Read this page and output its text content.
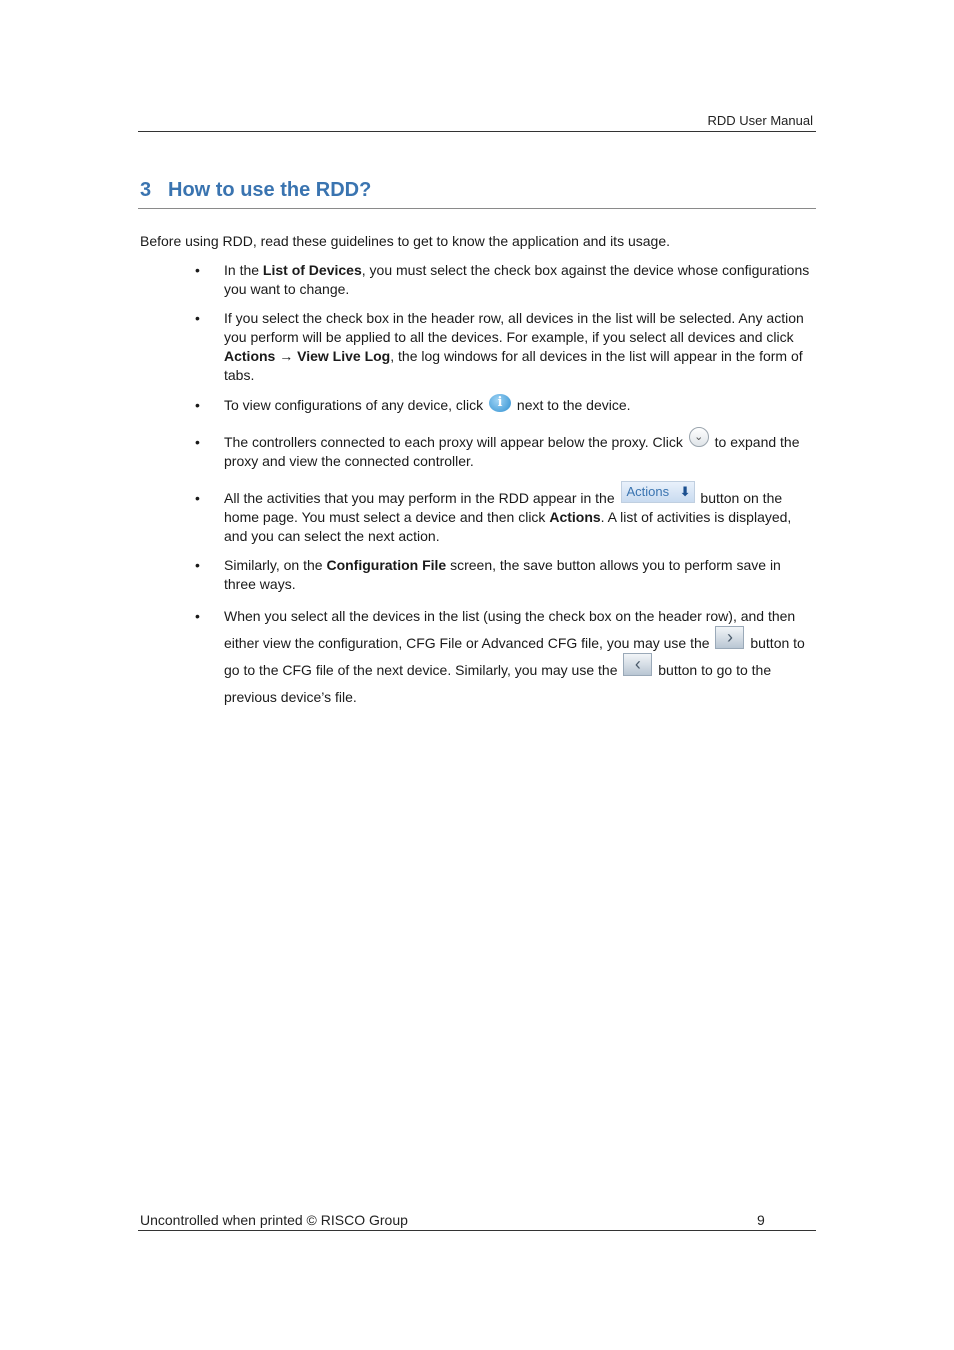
RDD User Manual
3 How to use the RDD?
Before using RDD, read these guidelines to get to know the application and its usage.
• In the List of Devices, you must select the check box against the device whose configurations you want to change.
• If you select the check box in the header row, all devices in the list will be selected. Any action you perform will be applied to all the devices. For example, if you select all devices and click Actions → View Live Log, the log windows for all devices in the list will appear in the form of tabs.
• To view configurations of any device, click i next to the device.
• The controllers connected to each proxy will appear below the proxy. Click ⌄ to expand the proxy and view the connected controller.
• All the activities that you may perform in the RDD appear in the Actions ⬇ button on the home page. You must select a device and then click Actions. A list of activities is displayed, and you can select the next action.
• Similarly, on the Configuration File screen, the save button allows you to perform save in three ways.
• When you select all the devices in the list (using the check box on the header row), and then either view the configuration, CFG File or Advanced CFG file, you may use the › button to go to the CFG file of the next device. Similarly, you may use the ‹ button to go to the previous device’s file.
Uncontrolled when printed © RISCO Group	9
